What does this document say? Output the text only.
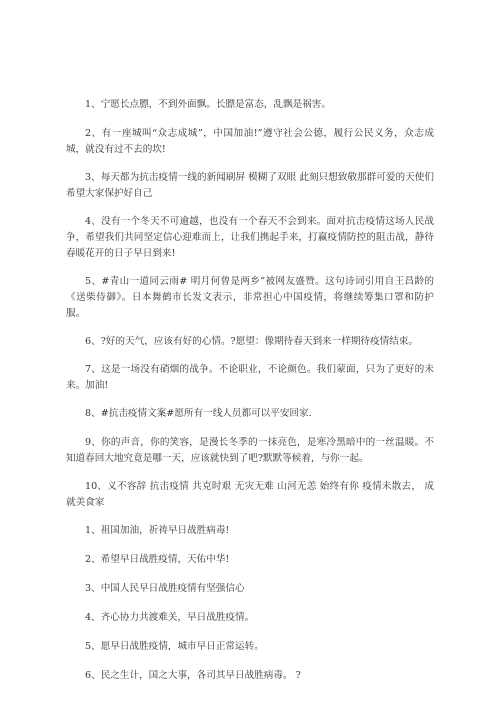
1、宁愿长点膘，不到外面飘。长膘是富态，乱飘是祸害。

2、有一座城叫“众志成城”，中国加油!”遵守社会公德，履行公民义务，众志成城，就没有过不去的坎!

3、每天都为抗击疫情一线的新闻刷屏 模糊了双眼 此刻只想致敬那群可爱的天使们 希望大家保护好自己

4、没有一个冬天不可逾越，也没有一个春天不会到来。面对抗击疫情这场人民战争，希望我们共同坚定信心迎难而上，让我们携起手来，打赢疫情防控的阻击战，静待春暖花开的日子早日到来!

5、#青山一道同云雨# 明月何曾是两乡”被网友盛赞。这句诗词引用自王昌龄的《送柴侍御》。日本舞鹤市长发文表示，非常担心中国疫情，将继续筹集口罩和防护服。

6、?好的天气，应该有好的心情。?愿望：像期待春天到来一样期待疫情结束。

7、这是一场没有硝烟的战争。不论职业，不论颜色。我们蒙面，只为了更好的未来。加油!

8、#抗击疫情文案#愿所有一线人员都可以平安回家.

9、你的声音，你的笑容，是漫长冬季的一抹亮色，是寒冷黑暗中的一丝温暖。不知道春回大地究竟是哪一天，应该就快到了吧?默默等候着，与你一起。

10、义不容辞 抗击疫情 共克时艰 无灾无难 山河无恙 始终有你 疫情未散去， 成就美食家

1、祖国加油，祈祷早日战胜病毒!

2、希望早日战胜疫情，天佑中华!

3、中国人民早日战胜疫情有坚强信心

4、齐心协力共渡难关，早日战胜疫情。

5、愿早日战胜疫情，城市早日正常运转。

6、民之生计，国之大事，各司其早日战胜病毒。 ?
